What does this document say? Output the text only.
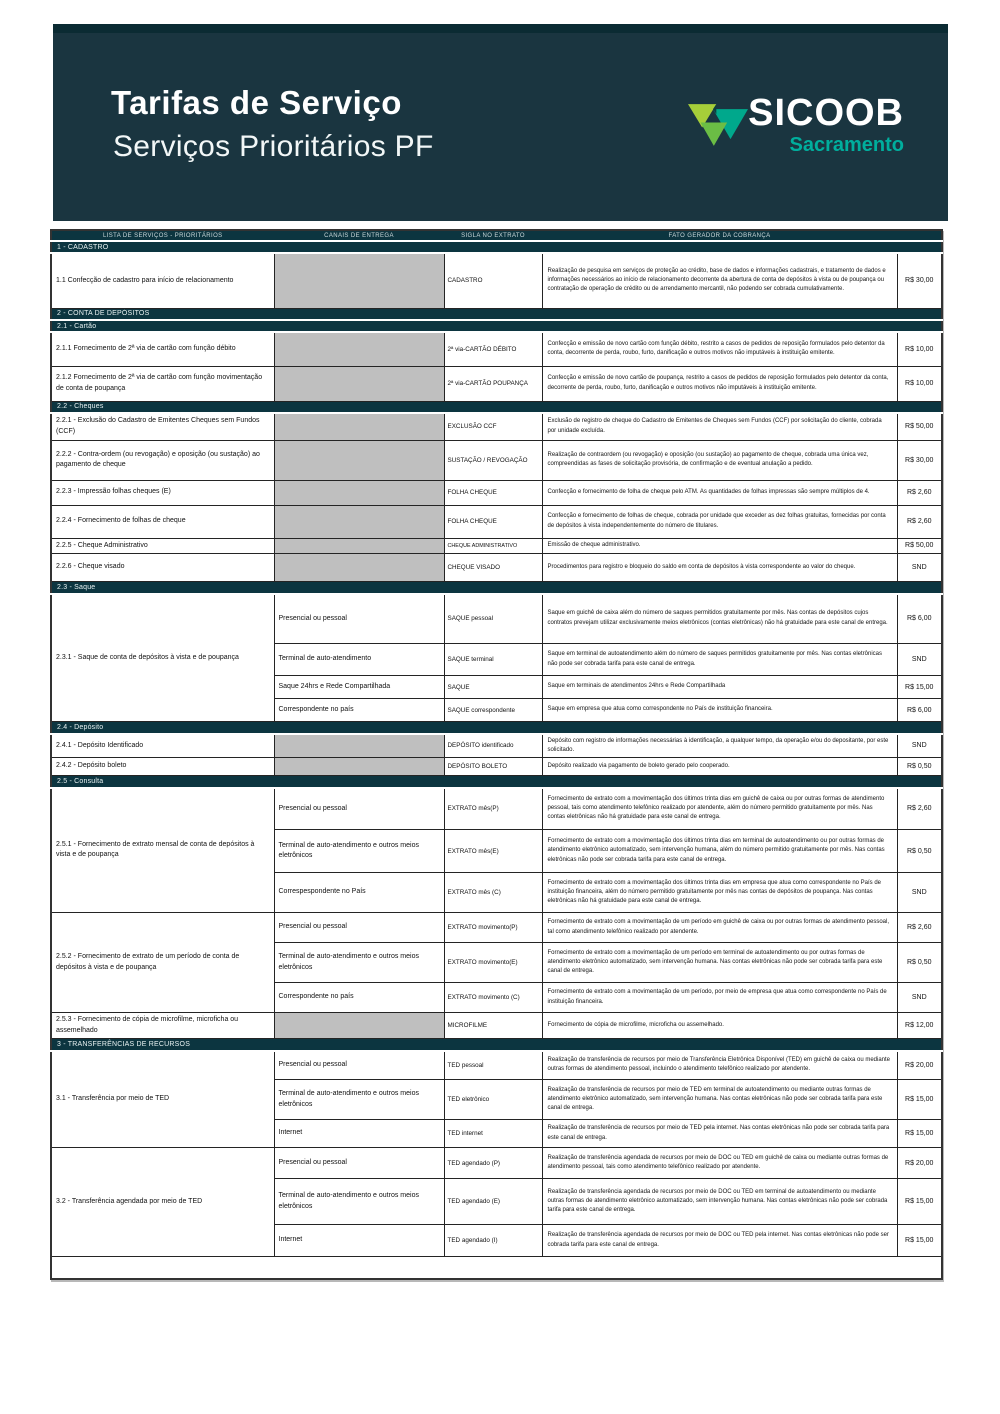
Tarifas de Serviço
Serviços Prioritários PF
SICOOB
Sacramento
LISTA DE SERVIÇOS - PRIORITÁRIOS	CANAIS DE ENTREGA	SIGLA NO EXTRATO	FATO GERADOR DA COBRANÇA	
1 - CADASTRO				
1.1 Confecção de cadastro para início de relacionamento		CADASTRO	Realização de pesquisa em serviços de proteção ao crédito, base de dados e informações cadastrais, e tratamento de dados e informações necessários ao início de relacionamento decorrente da abertura de conta de depósitos à vista ou de poupança ou contratação de operação de crédito ou de arrendamento mercantil, não podendo ser cobrada cumulativamente.	R$ 30,00
2 - CONTA DE DEPÓSITOS				
2.1 - Cartão				
2.1.1 Fornecimento de 2ª via de cartão com função débito		2ª via-CARTÃO DÉBITO	Confecção e emissão de novo cartão com função débito, restrito a casos de pedidos de reposição formulados pelo detentor da conta, decorrente de perda, roubo, furto, danificação e outros motivos não imputáveis à instituição emitente.	R$ 10,00
2.1.2 Fornecimento de 2ª via de cartão com função movimentação de conta de poupança		2ª via-CARTÃO POUPANÇA	Confecção e emissão de novo cartão de poupança, restrito a casos de pedidos de reposição formulados pelo detentor da conta, decorrente de perda, roubo, furto, danificação e outros motivos não imputáveis à instituição emitente.	R$ 10,00
2.2 - Cheques				
2.2.1 - Exclusão do Cadastro de Emitentes Cheques sem Fundos (CCF)		EXCLUSÃO CCF	Exclusão de registro de cheque do Cadastro de Emitentes de Cheques sem Fundos (CCF) por solicitação do cliente, cobrada por unidade excluída.	R$ 50,00
2.2.2 - Contra-ordem (ou revogação) e oposição (ou sustação) ao pagamento de cheque		SUSTAÇÃO / REVOGAÇÃO	Realização de contraordem (ou revogação) e oposição (ou sustação) ao pagamento de cheque, cobrada uma única vez, compreendidas as fases de solicitação provisória, de confirmação e de eventual anulação a pedido.	R$ 30,00
2.2.3 - Impressão folhas cheques (E)		FOLHA CHEQUE	Confecção e fornecimento de folha de cheque pelo ATM. As quantidades de folhas impressas são sempre múltiplos de 4.	R$ 2,60
2.2.4 - Fornecimento de folhas de cheque		FOLHA CHEQUE	Confecção e fornecimento de folhas de cheque, cobrada por unidade que exceder as dez folhas gratuitas, fornecidas por conta de depósitos à vista independentemente do número de titulares.	R$ 2,60
2.2.5 - Cheque Administrativo		CHEQUE ADMINISTRATIVO	Emissão de cheque administrativo.	R$ 50,00
2.2.6 - Cheque visado		CHEQUE VISADO	Procedimentos para registro e bloqueio do saldo em conta de depósitos à vista correspondente ao valor do cheque.	SND
2.3 - Saque				
2.3.1 - Saque de conta de depósitos à vista e de poupança	Presencial ou pessoal	SAQUE pessoal	Saque em guichê de caixa além do número de saques permitidos gratuitamente por mês. Nas contas de depósitos cujos contratos prevejam utilizar exclusivamente meios eletrônicos (contas eletrônicas) não há gratuidade para este canal de entrega.	R$ 6,00
	Terminal de auto-atendimento	SAQUE terminal	Saque em terminal de autoatendimento além do número de saques permitidos gratuitamente por mês. Nas contas eletrônicas não pode ser cobrada tarifa para este canal de entrega.	SND
	Saque 24hrs e Rede Compartilhada	SAQUE	Saque em terminais de atendimentos 24hrs e Rede Compartilhada	R$ 15,00
	Correspondente no país	SAQUE correspondente	Saque em empresa que atua como correspondente no País de instituição financeira.	R$ 6,00
2.4 - Depósito				
2.4.1 - Depósito Identificado		DEPÓSITO identificado	Depósito com registro de informações necessárias à identificação, a qualquer tempo, da operação e/ou do depositante, por este solicitado.	SND
2.4.2 - Depósito boleto		DEPÓSITO BOLETO	Depósito realizado via pagamento de boleto gerado pelo cooperado.	R$ 0,50
2.5 - Consulta				
2.5.1 - Fornecimento de extrato mensal de conta de depósitos à vista e de poupança	Presencial ou pessoal	EXTRATO mês(P)	Fornecimento de extrato com a movimentação dos últimos trinta dias em guichê de caixa ou por outras formas de atendimento pessoal, tais como atendimento telefônico realizado por atendente, além do número permitido gratuitamente por mês. Nas contas eletrônicas não há gratuidade para este canal de entrega.	R$ 2,60
	Terminal de auto-atendimento e outros meios eletrônicos	EXTRATO mês(E)	Fornecimento de extrato com a movimentação dos últimos trinta dias em terminal de autoatendimento ou por outras formas de atendimento eletrônico automatizado, sem intervenção humana, além do número permitido gratuitamente por mês. Nas contas eletrônicas não pode ser cobrada tarifa para este canal de entrega.	R$ 0,50
	Correspespondente no País	EXTRATO mês (C)	Fornecimento de extrato com a movimentação dos últimos trinta dias em empresa que atua como correspondente no País de instituição financeira, além do número permitido gratuitamente por mês nas contas de depósitos de poupança. Nas contas eletrônicas não há gratuidade para este canal de entrega.	SND
2.5.2 - Fornecimento de extrato de um período de conta de depósitos à vista e de poupança	Presencial ou pessoal	EXTRATO movimento(P)	Fornecimento de extrato com a movimentação de um período em guichê de caixa ou por outras formas de atendimento pessoal, tal como atendimento telefônico realizado por atendente.	R$ 2,60
	Terminal de auto-atendimento e outros meios eletrônicos	EXTRATO movimento(E)	Fornecimento de extrato com a movimentação de um período em terminal de autoatendimento ou por outras formas de atendimento eletrônico automatizado, sem intervenção humana. Nas contas eletrônicas não pode ser cobrada tarifa para este canal de entrega.	R$ 0,50
	Correspondente no país	EXTRATO movimento (C)	Fornecimento de extrato com a movimentação de um período, por meio de empresa que atua como correspondente no País de instituição financeira.	SND
2.5.3 - Fornecimento de cópia de microfilme, microficha ou assemelhado		MICROFILME	Fornecimento de cópia de microfilme, microficha ou assemelhado.	R$ 12,00
3 - TRANSFERÊNCIAS DE RECURSOS				
3.1 - Transferência por meio de TED	Presencial ou pessoal	TED pessoal	Realização de transferência de recursos por meio de Transferência Eletrônica Disponível (TED) em guichê de caixa ou mediante outras formas de atendimento pessoal, incluindo o atendimento telefônico realizado por atendente.	R$ 20,00
	Terminal de auto-atendimento e outros meios eletrônicos	TED eletrônico	Realização de transferência de recursos por meio de TED em terminal de autoatendimento ou mediante outras formas de atendimento eletrônico automatizado, sem intervenção humana. Nas contas eletrônicas não pode ser cobrada tarifa para este canal de entrega.	R$ 15,00
	Internet	TED internet	Realização de transferência de recursos por meio de TED pela internet. Nas contas eletrônicas não pode ser cobrada tarifa para este canal de entrega.	R$ 15,00
3.2 - Transferência agendada por meio de TED	Presencial ou pessoal	TED agendado (P)	Realização de transferência agendada de recursos por meio de DOC ou TED em guichê de caixa ou mediante outras formas de atendimento pessoal, tais como atendimento telefônico realizado por atendente.	R$ 20,00
	Terminal de auto-atendimento e outros meios eletrônicos	TED agendado (E)	Realização de transferência agendada de recursos por meio de DOC ou TED em terminal de autoatendimento ou mediante outras formas de atendimento eletrônico automatizado, sem intervenção humana. Nas contas eletrônicas não pode ser cobrada tarifa para este canal de entrega.	R$ 15,00
	Internet	TED agendado (I)	Realização de transferência agendada de recursos por meio de DOC ou TED pela internet. Nas contas eletrônicas não pode ser cobrada tarifa para este canal de entrega.	R$ 15,00
